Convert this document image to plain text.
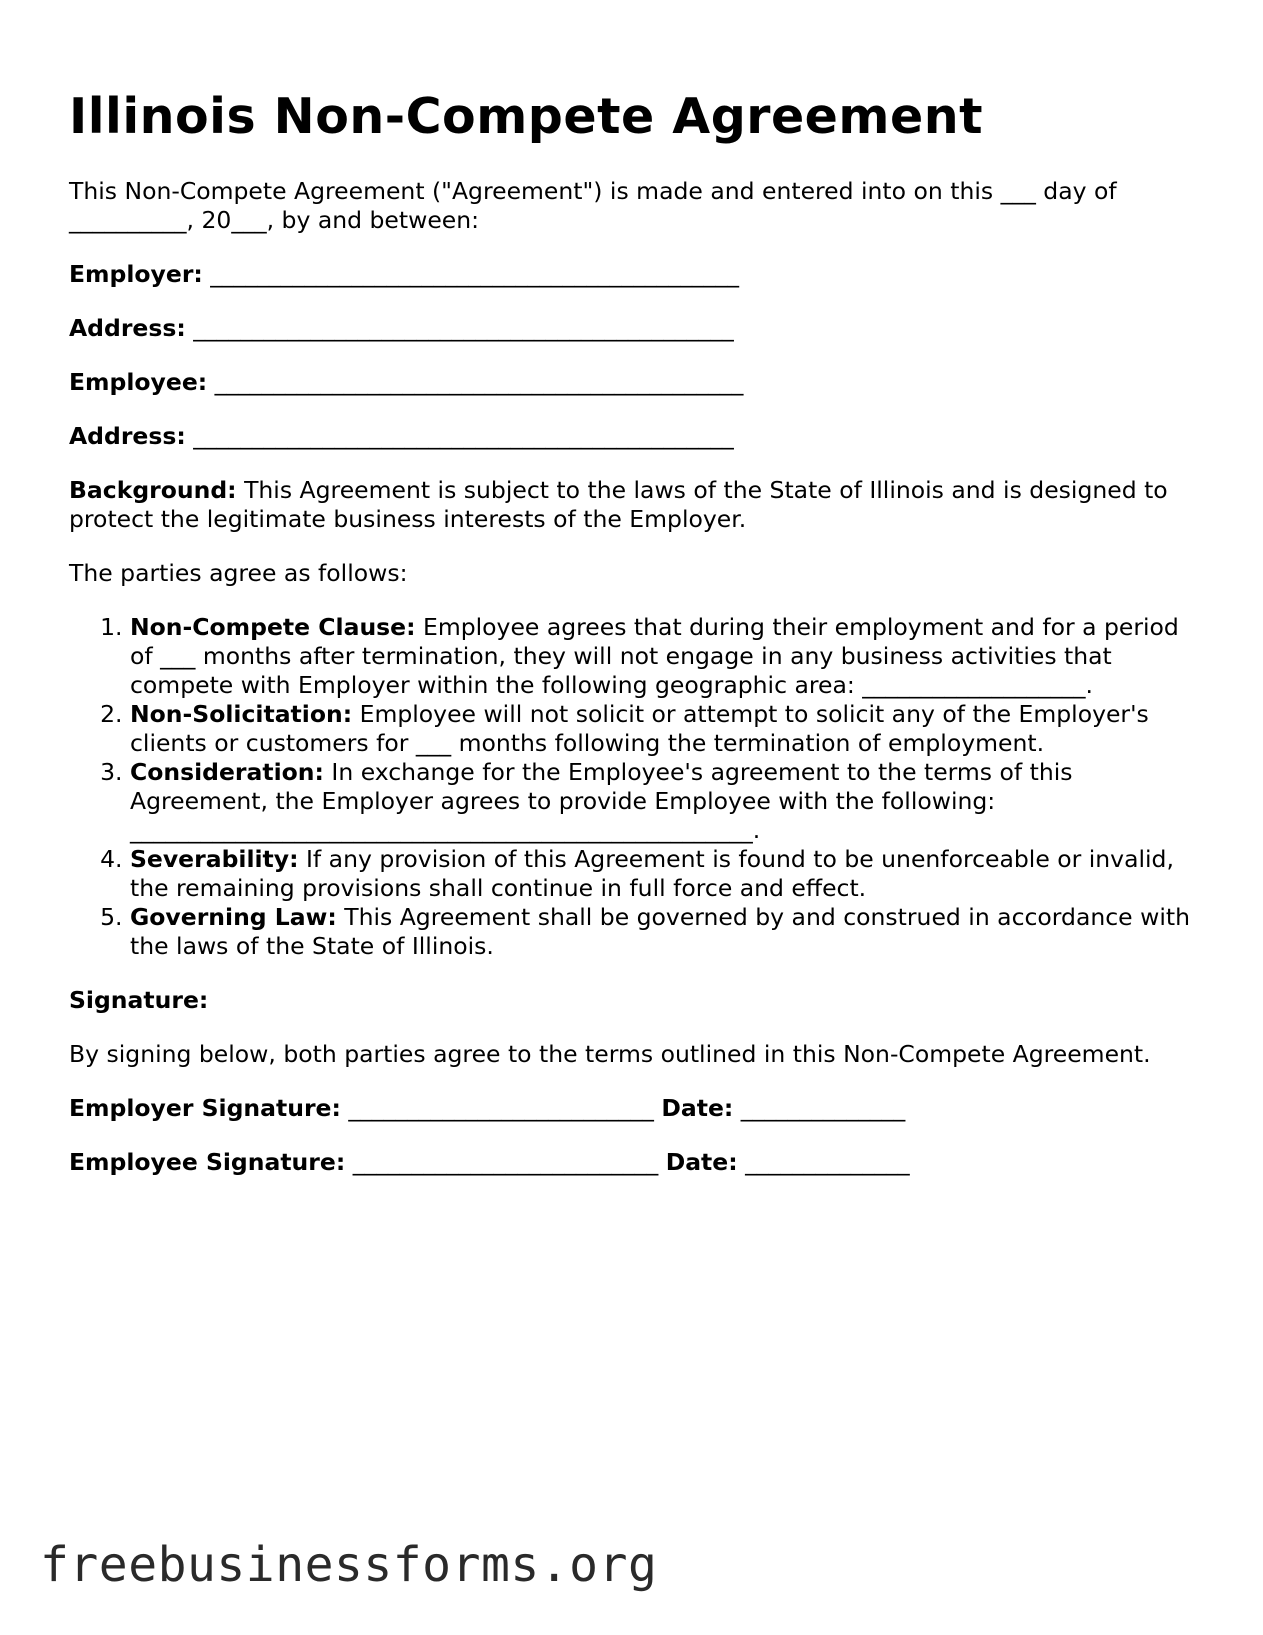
Illinois Non-Compete Agreement

This Non-Compete Agreement ("Agreement") is made and entered into on this ___ day of __________, 20___, by and between:

Employer: _____________________________________________
Address: ______________________________________________
Employee: _____________________________________________
Address: ______________________________________________

Background: This Agreement is subject to the laws of the State of Illinois and is designed to protect the legitimate business interests of the Employer.

The parties agree as follows:

1. Non-Compete Clause: Employee agrees that during their employment and for a period of ___ months after termination, they will not engage in any business activities that compete with Employer within the following geographic area: ___________________.
2. Non-Solicitation: Employee will not solicit or attempt to solicit any of the Employer's clients or customers for ___ months following the termination of employment.
3. Consideration: In exchange for the Employee's agreement to the terms of this Agreement, the Employer agrees to provide Employee with the following: _____________________________________________________.
4. Severability: If any provision of this Agreement is found to be unenforceable or invalid, the remaining provisions shall continue in full force and effect.
5. Governing Law: This Agreement shall be governed by and construed in accordance with the laws of the State of Illinois.

Signature:

By signing below, both parties agree to the terms outlined in this Non-Compete Agreement.

Employer Signature: __________________________ Date: ______________
Employee Signature: __________________________ Date: ______________
freebusinessforms.org
